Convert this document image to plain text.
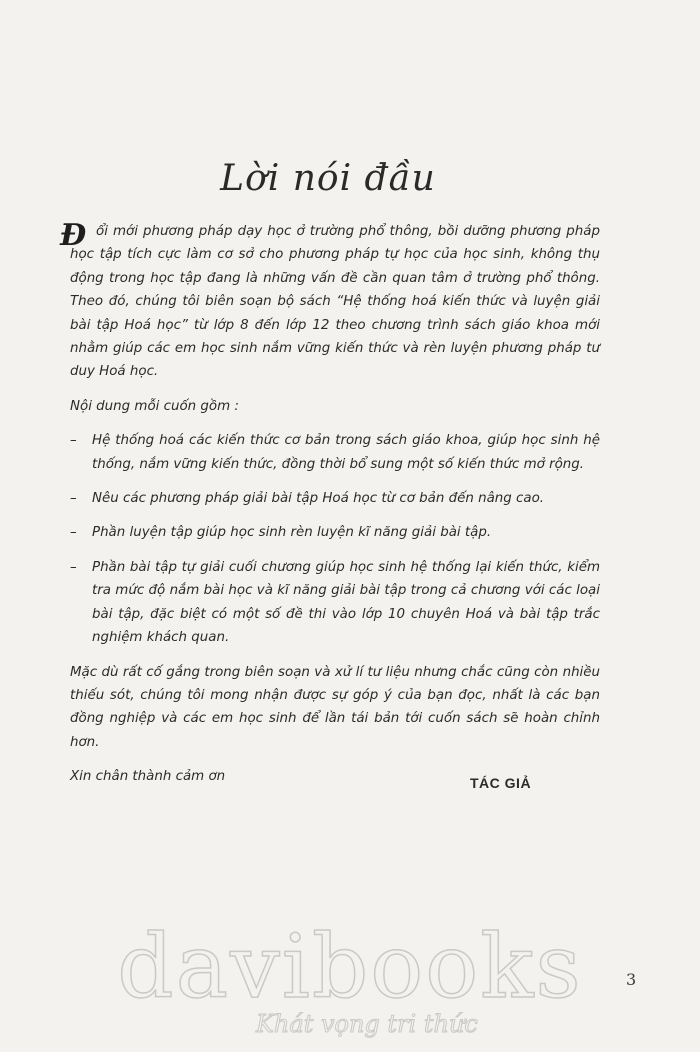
Lời nói đầu
Đ ổi mới phương pháp dạy học ở trường phổ thông, bồi dưỡng phương pháp học tập tích cực làm cơ sở cho phương pháp tự học của học sinh, không thụ động trong học tập đang là những vấn đề cần quan tâm ở trường phổ thông. Theo đó, chúng tôi biên soạn bộ sách “Hệ thống hoá kiến thức và luyện giải bài tập Hoá học” từ lớp 8 đến lớp 12 theo chương trình sách giáo khoa mới nhằm giúp các em học sinh nắm vững kiến thức và rèn luyện phương pháp tư duy Hoá học.

Nội dung mỗi cuốn gồm :

– Hệ thống hoá các kiến thức cơ bản trong sách giáo khoa, giúp học sinh hệ thống, nắm vững kiến thức, đồng thời bổ sung một số kiến thức mở rộng.
– Nêu các phương pháp giải bài tập Hoá học từ cơ bản đến nâng cao.
– Phần luyện tập giúp học sinh rèn luyện kĩ năng giải bài tập.
– Phần bài tập tự giải cuối chương giúp học sinh hệ thống lại kiến thức, kiểm tra mức độ nắm bài học và kĩ năng giải bài tập trong cả chương với các loại bài tập, đặc biệt có một số đề thi vào lớp 10 chuyên Hoá và bài tập trắc nghiệm khách quan.

Mặc dù rất cố gắng trong biên soạn và xử lí tư liệu nhưng chắc cũng còn nhiều thiếu sót, chúng tôi mong nhận được sự góp ý của bạn đọc, nhất là các bạn đồng nghiệp và các em học sinh để lần tái bản tới cuốn sách sẽ hoàn chỉnh hơn.

Xin chân thành cảm ơn	TÁC GIẢ
davibooks
Khát vọng tri thức
3
